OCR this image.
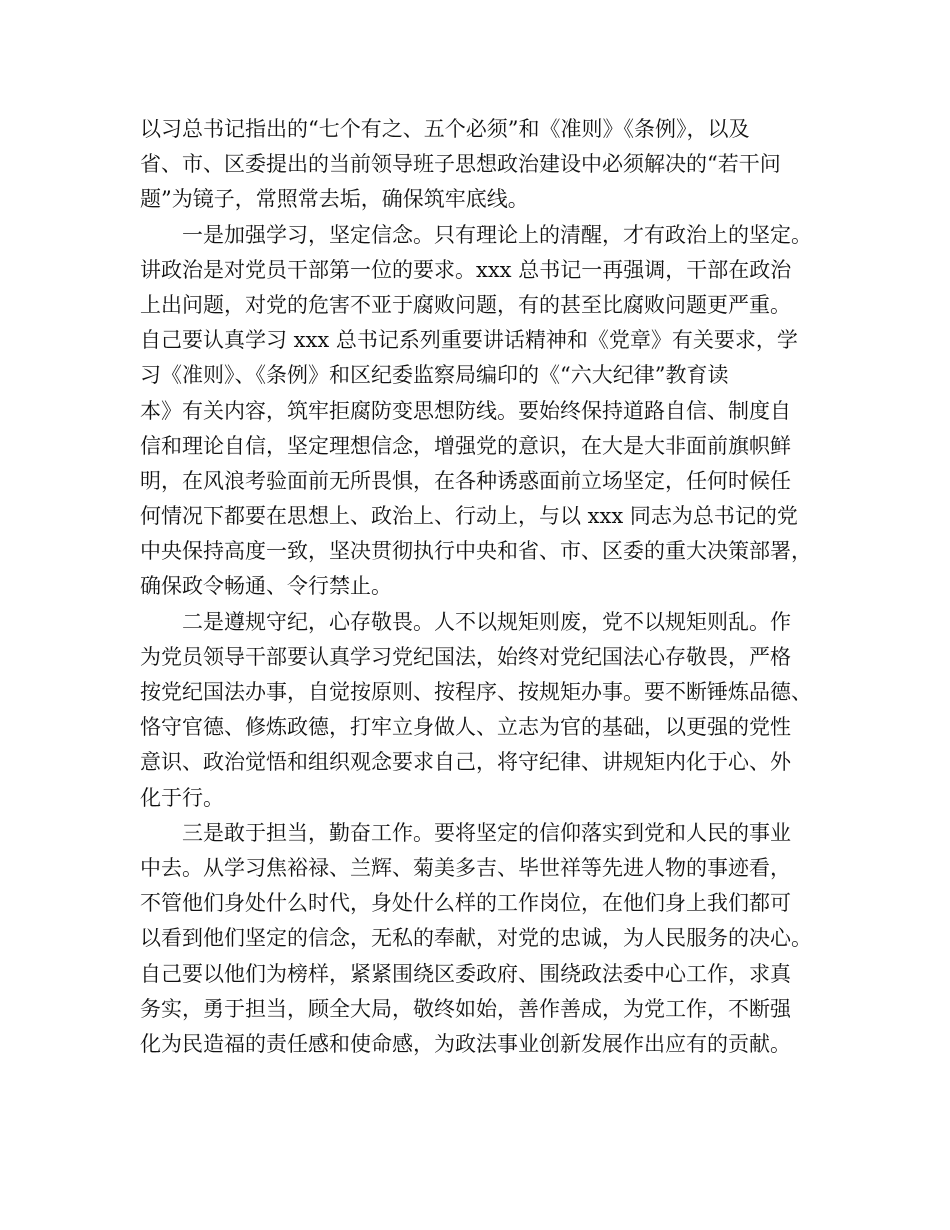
以习总书记指出的“七个有之、五个必须”和《准则》《条例》，以及
省、市、区委提出的当前领导班子思想政治建设中必须解决的“若干问
题”为镜子，常照常去垢，确保筑牢底线。
一是加强学习，坚定信念。只有理论上的清醒，才有政治上的坚定。
讲政治是对党员干部第一位的要求。xxx 总书记一再强调，干部在政治
上出问题，对党的危害不亚于腐败问题，有的甚至比腐败问题更严重。
自己要认真学习 xxx 总书记系列重要讲话精神和《党章》有关要求，学
习《准则》、《条例》和区纪委监察局编印的《“六大纪律”教育读
本》有关内容，筑牢拒腐防变思想防线。要始终保持道路自信、制度自
信和理论自信，坚定理想信念，增强党的意识，在大是大非面前旗帜鲜
明，在风浪考验面前无所畏惧，在各种诱惑面前立场坚定，任何时候任
何情况下都要在思想上、政治上、行动上，与以 xxx 同志为总书记的党
中央保持高度一致，坚决贯彻执行中央和省、市、区委的重大决策部署，
确保政令畅通、令行禁止。
二是遵规守纪，心存敬畏。人不以规矩则废，党不以规矩则乱。作
为党员领导干部要认真学习党纪国法，始终对党纪国法心存敬畏，严格
按党纪国法办事，自觉按原则、按程序、按规矩办事。要不断锤炼品德、
恪守官德、修炼政德，打牢立身做人、立志为官的基础，以更强的党性
意识、政治觉悟和组织观念要求自己，将守纪律、讲规矩内化于心、外
化于行。
三是敢于担当，勤奋工作。要将坚定的信仰落实到党和人民的事业
中去。从学习焦裕禄、兰辉、菊美多吉、毕世祥等先进人物的事迹看，
不管他们身处什么时代，身处什么样的工作岗位，在他们身上我们都可
以看到他们坚定的信念，无私的奉献，对党的忠诚，为人民服务的决心。
自己要以他们为榜样，紧紧围绕区委政府、围绕政法委中心工作，求真
务实，勇于担当，顾全大局，敬终如始，善作善成，为党工作，不断强
化为民造福的责任感和使命感，为政法事业创新发展作出应有的贡献。
